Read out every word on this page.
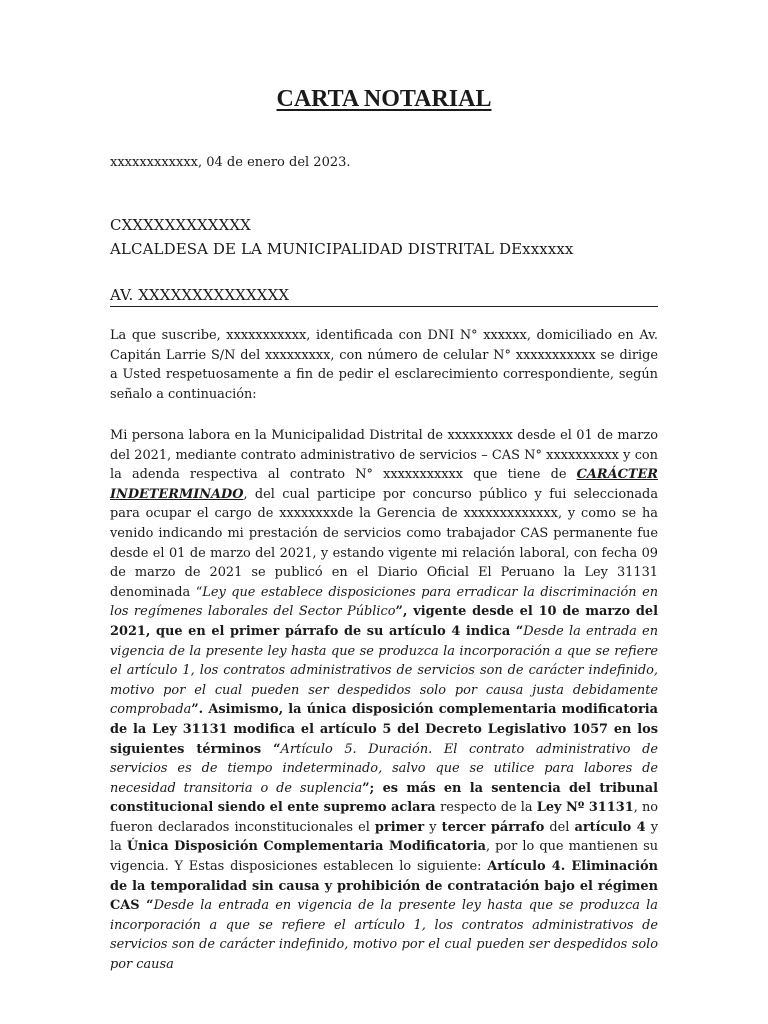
CARTA NOTARIAL
xxxxxxxxxxxx, 04 de enero del 2023.
CXXXXXXXXXXXX
ALCALDESA DE LA MUNICIPALIDAD DISTRITAL DExxxxxx
AV. XXXXXXXXXXXXXX

La que suscribe, xxxxxxxxxxx, identificada con DNI N° xxxxxx, domiciliado en Av. Capitán Larrie S/N del xxxxxxxxx, con número de celular N° xxxxxxxxxxx se dirige a Usted respetuosamente a fin de pedir el esclarecimiento correspondiente, según señalo a continuación:

Mi persona labora en la Municipalidad Distrital de xxxxxxxxx desde el 01 de marzo del 2021, mediante contrato administrativo de servicios – CAS N° xxxxxxxxxx y con la adenda respectiva al contrato N° xxxxxxxxxxx que tiene de CARÁCTER INDETERMINADO, del cual participe por concurso público y fui seleccionada para ocupar el cargo de xxxxxxxxde la Gerencia de xxxxxxxxxxxxx, y como se ha venido indicando mi prestación de servicios como trabajador CAS permanente fue desde el 01 de marzo del 2021, y estando vigente mi relación laboral, con fecha 09 de marzo de 2021 se publicó en el Diario Oficial El Peruano la Ley 31131 denominada “Ley que establece disposiciones para erradicar la discriminación en los regímenes laborales del Sector Público”, vigente desde el 10 de marzo del 2021, que en el primer párrafo de su artículo 4 indica “Desde la entrada en vigencia de la presente ley hasta que se produzca la incorporación a que se refiere el artículo 1, los contratos administrativos de servicios son de carácter indefinido, motivo por el cual pueden ser despedidos solo por causa justa debidamente comprobada”. Asimismo, la única disposición complementaria modificatoria de la Ley 31131 modifica el artículo 5 del Decreto Legislativo 1057 en los siguientes términos “Artículo 5. Duración. El contrato administrativo de servicios es de tiempo indeterminado, salvo que se utilice para labores de necesidad transitoria o de suplencia”; es más en la sentencia del tribunal constitucional siendo el ente supremo aclara respecto de la Ley Nº 31131, no fueron declarados inconstitucionales el primer y tercer párrafo del artículo 4 y la Única Disposición Complementaria Modificatoria, por lo que mantienen su vigencia. Y Estas disposiciones establecen lo siguiente: Artículo 4. Eliminación de la temporalidad sin causa y prohibición de contratación bajo el régimen CAS “Desde la entrada en vigencia de la presente ley hasta que se produzca la incorporación a que se refiere el artículo 1, los contratos administrativos de servicios son de carácter indefinido, motivo por el cual pueden ser despedidos solo por causa
